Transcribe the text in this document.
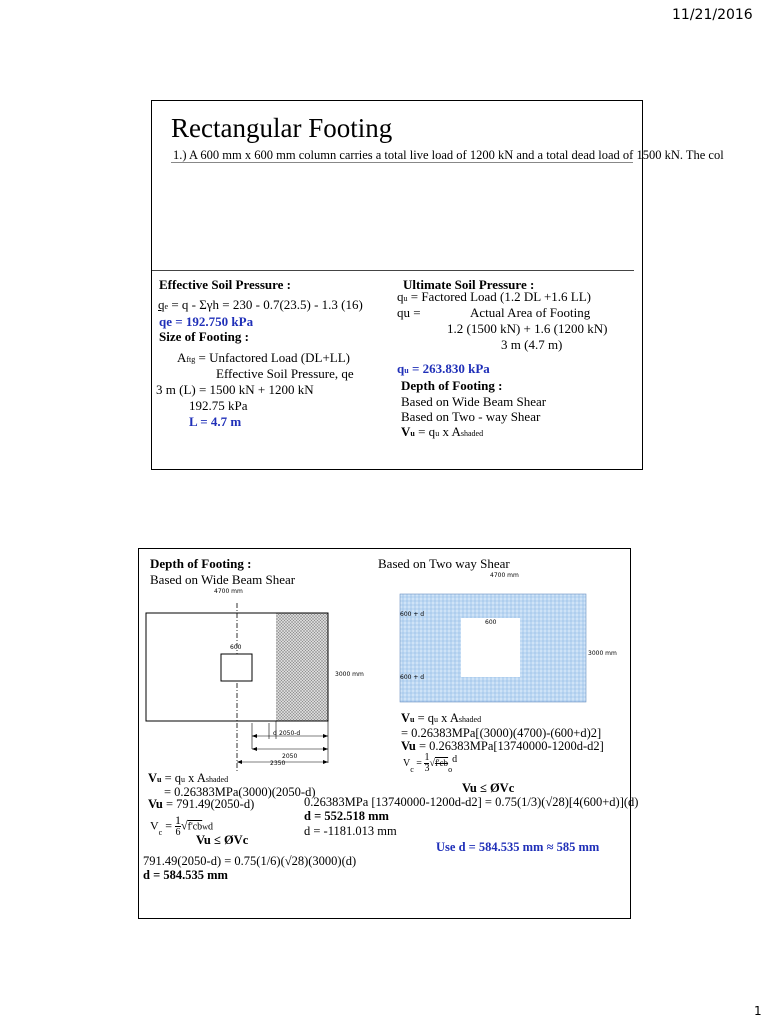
11/21/2016
1
Rectangular Footing
1.) A 600 mm x 600 mm column carries a total live load of 1200 kN and a total dead load of 1500 kN. The col
Effective Soil Pressure :
qe = q - Σγh = 230 - 0.7(23.5) - 1.3 (16)
qe = 192.750 kPa
Size of Footing :
Aftg = Unfactored Load (DL+LL)
Effective Soil Pressure, qe
3 m (L) = 1500 kN + 1200 kN
192.75 kPa
L = 4.7 m
Ultimate Soil Pressure :
qu = Factored Load (1.2 DL +1.6 LL)
qu =	Actual Area of Footing
1.2 (1500 kN) + 1.6 (1200 kN)
3 m (4.7 m)
qu = 263.830 kPa
Depth of Footing :
Based on Wide Beam Shear
Based on Two - way Shear
Vu = qu x Ashaded
Depth of Footing :
Based on Wide Beam Shear
Based on Two way Shear
4700 mm
3000 mm
600
d 2050-d
2050
2350
4700 mm
3000 mm
600 + d
600
600 + d
Vu = qu x Ashaded
= 0.26383MPa[(3000)(4700)-(600+d)2]
Vu = 0.26383MPa[13740000-1200d-d2]
$V_c = \frac{1}{3} √f'cb_od$
Vu ≤ ØVc
0.26383MPa [13740000-1200d-d2] = 0.75(1/3)(√28)[4(600+d)](d)
d = 552.518 mm
d = -1181.013 mm
Use d = 584.535 mm ≈ 585 mm
Vu = qu x Ashaded
= 0.26383MPa(3000)(2050-d)
Vu = 791.49(2050-d)
$V_c = 1$
6
√f'cbwd
Vu ≤ ØVc
791.49(2050-d) = 0.75(1/6)(√28)(3000)(d)
d = 584.535 mm
